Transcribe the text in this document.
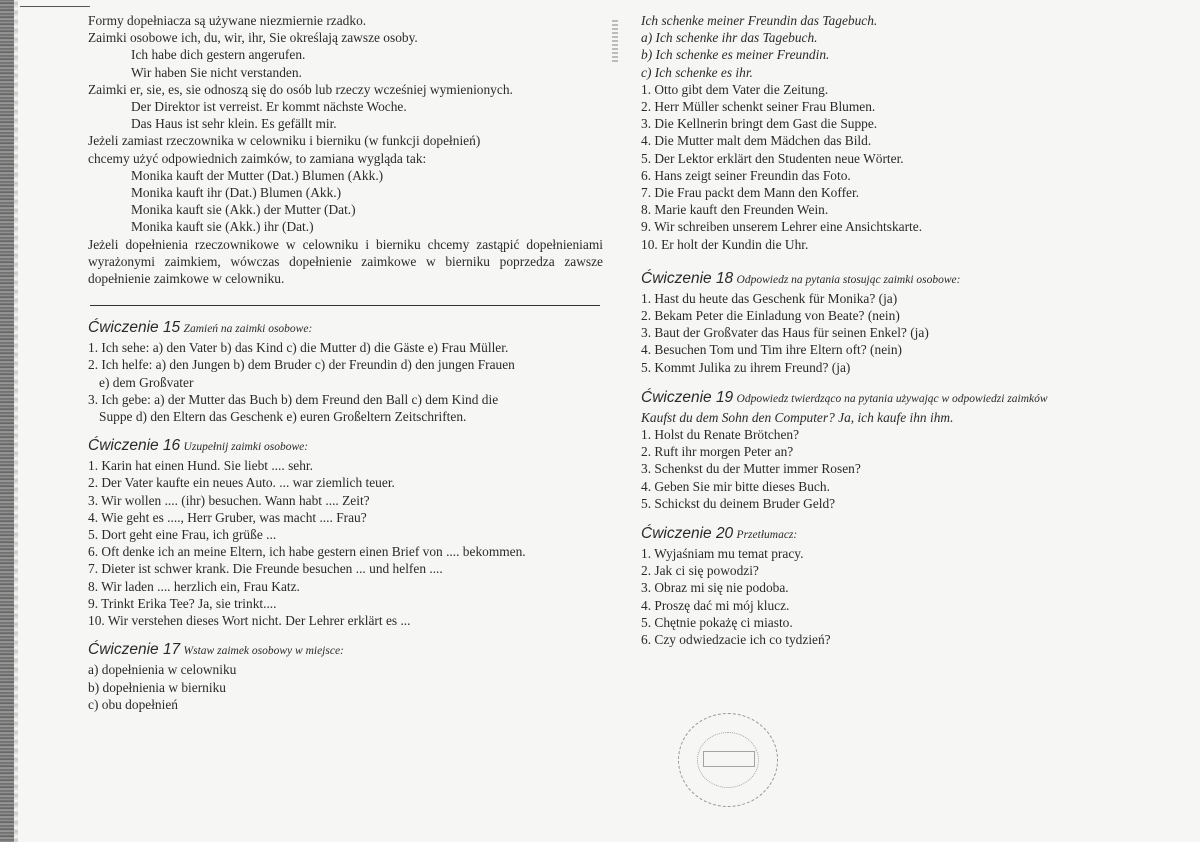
Formy dopełniacza są używane niezmiernie rzadko.
Zaimki osobowe ich, du, wir, ihr, Sie określają zawsze osoby.
Ich habe dich gestern angerufen.
Wir haben Sie nicht verstanden.
Zaimki er, sie, es, sie odnoszą się do osób lub rzeczy wcześniej wymienionych.
Der Direktor ist verreist. Er kommt nächste Woche.
Das Haus ist sehr klein. Es gefällt mir.
Jeżeli zamiast rzeczownika w celowniku i bierniku (w funkcji dopełnień)
chcemy użyć odpowiednich zaimków, to zamiana wygląda tak:
Monika kauft der Mutter (Dat.) Blumen (Akk.)
Monika kauft ihr (Dat.) Blumen (Akk.)
Monika kauft sie (Akk.) der Mutter (Dat.)
Monika kauft sie (Akk.) ihr (Dat.)
Jeżeli dopełnienia rzeczownikowe w celowniku i bierniku chcemy zastąpić dopełnieniami wyrażonymi zaimkiem, wówczas dopełnienie zaimkowe w bierniku poprzedza zawsze dopełnienie zaimkowe w celowniku.
Ćwiczenie 15 Zamień na zaimki osobowe:
1. Ich sehe: a) den Vater b) das Kind c) die Mutter d) die Gäste e) Frau Müller.
2. Ich helfe: a) den Jungen b) dem Bruder c) der Freundin d) den jungen Frauen
e) dem Großvater
3. Ich gebe: a) der Mutter das Buch b) dem Freund den Ball c) dem Kind die
Suppe d) den Eltern das Geschenk e) euren Großeltern Zeitschriften.
Ćwiczenie 16 Uzupełnij zaimki osobowe:
1. Karin hat einen Hund. Sie liebt .... sehr.
2. Der Vater kaufte ein neues Auto. ... war ziemlich teuer.
3. Wir wollen .... (ihr) besuchen. Wann habt .... Zeit?
4. Wie geht es ...., Herr Gruber, was macht .... Frau?
5. Dort geht eine Frau, ich grüße ...
6. Oft denke ich an meine Eltern, ich habe gestern einen Brief von .... bekommen.
7. Dieter ist schwer krank. Die Freunde besuchen ... und helfen ....
8. Wir laden .... herzlich ein, Frau Katz.
9. Trinkt Erika Tee? Ja, sie trinkt....
10. Wir verstehen dieses Wort nicht. Der Lehrer erklärt es ...
Ćwiczenie 17 Wstaw zaimek osobowy w miejsce:
a) dopełnienia w celowniku
b) dopełnienia w bierniku
c) obu dopełnień
Ich schenke meiner Freundin das Tagebuch.
a) Ich schenke ihr das Tagebuch.
b) Ich schenke es meiner Freundin.
c) Ich schenke es ihr.
1. Otto gibt dem Vater die Zeitung.
2. Herr Müller schenkt seiner Frau Blumen.
3. Die Kellnerin bringt dem Gast die Suppe.
4. Die Mutter malt dem Mädchen das Bild.
5. Der Lektor erklärt den Studenten neue Wörter.
6. Hans zeigt seiner Freundin das Foto.
7. Die Frau packt dem Mann den Koffer.
8. Marie kauft den Freunden Wein.
9. Wir schreiben unserem Lehrer eine Ansichtskarte.
10. Er holt der Kundin die Uhr.
Ćwiczenie 18 Odpowiedz na pytania stosując zaimki osobowe:
1. Hast du heute das Geschenk für Monika? (ja)
2. Bekam Peter die Einladung von Beate? (nein)
3. Baut der Großvater das Haus für seinen Enkel? (ja)
4. Besuchen Tom und Tim ihre Eltern oft? (nein)
5. Kommt Julika zu ihrem Freund? (ja)
Ćwiczenie 19 Odpowiedz twierdząco na pytania używając w odpowiedzi zaimków
Kaufst du dem Sohn den Computer? Ja, ich kaufe ihn ihm.
1. Holst du Renate Brötchen?
2. Ruft ihr morgen Peter an?
3. Schenkst du der Mutter immer Rosen?
4. Geben Sie mir bitte dieses Buch.
5. Schickst du deinem Bruder Geld?
Ćwiczenie 20 Przetłumacz:
1. Wyjaśniam mu temat pracy.
2. Jak ci się powodzi?
3. Obraz mi się nie podoba.
4. Proszę dać mi mój klucz.
5. Chętnie pokażę ci miasto.
6. Czy odwiedzacie ich co tydzień?
